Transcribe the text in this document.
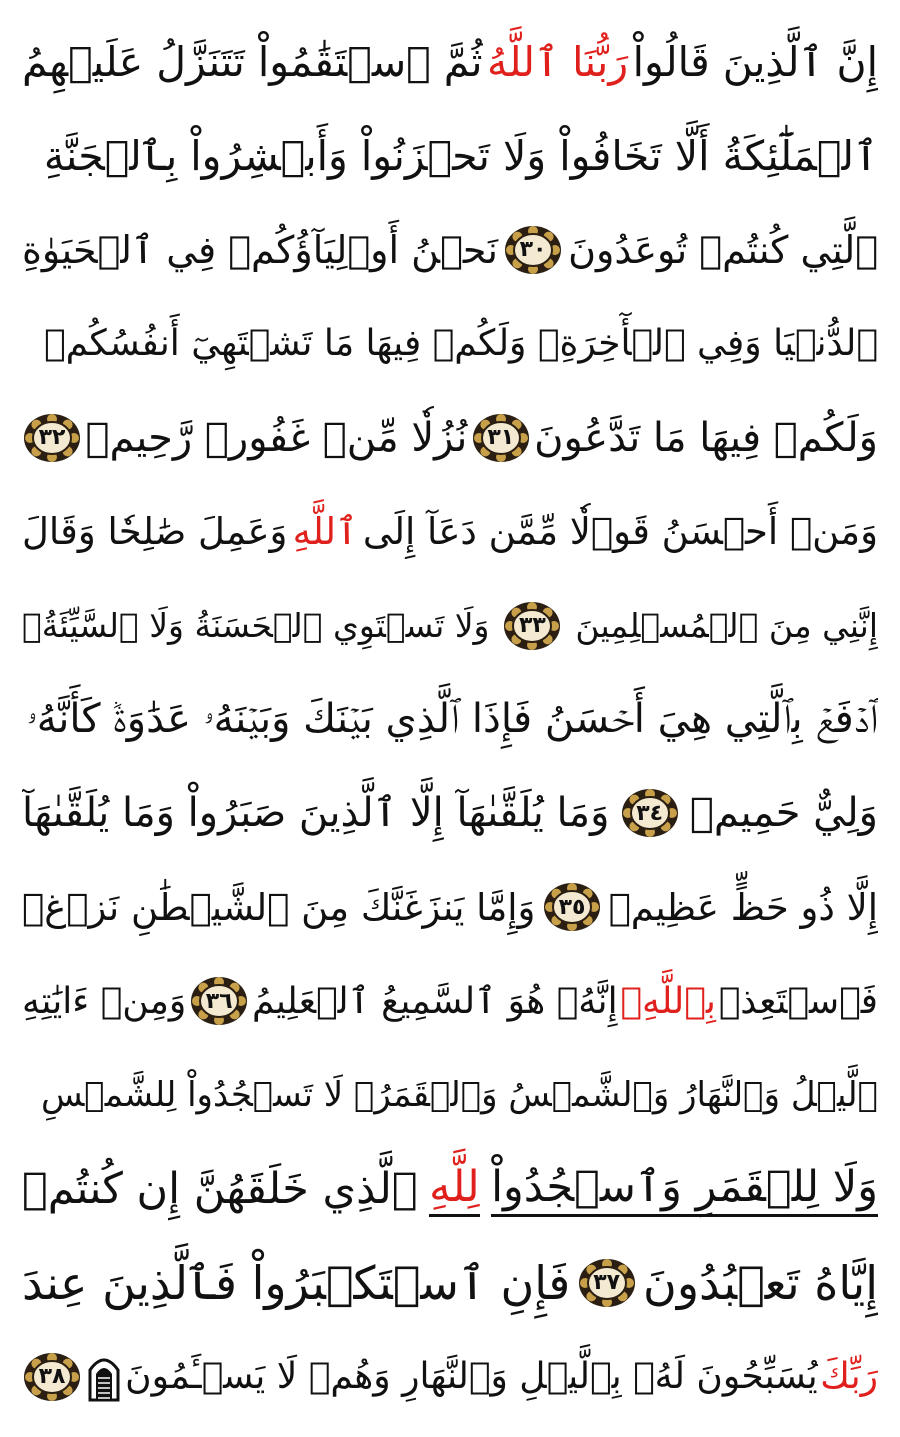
إِنَّ ٱلَّذِينَ قَالُواْ
رَبُّنَا ٱللَّهُ
ثُمَّ ٱسۡتَقَٰمُواْ تَتَنَزَّلُ عَلَيۡهِمُ
ٱلۡمَلَٰٓئِكَةُ أَلَّا تَخَافُواْ وَلَا تَحۡزَنُواْ وَأَبۡشِرُواْ بِٱلۡجَنَّةِ
ٱلَّتِي كُنتُمۡ تُوعَدُونَ
٣٠
نَحۡنُ أَوۡلِيَآؤُكُمۡ فِي ٱلۡحَيَوٰةِ
ٱلدُّنۡيَا وَفِي ٱلۡأٓخِرَةِۖ وَلَكُمۡ فِيهَا مَا تَشۡتَهِيٓ أَنفُسُكُمۡ
وَلَكُمۡ فِيهَا مَا تَدَّعُونَ
٣١
نُزُلٗا مِّنۡ غَفُورٖ رَّحِيمٖ
٣٢
وَمَنۡ أَحۡسَنُ قَوۡلٗا مِّمَّن دَعَآ إِلَى
ٱللَّهِ
وَعَمِلَ صَٰلِحٗا وَقَالَ
إِنَّنِي مِنَ ٱلۡمُسۡلِمِينَ
٣٣
وَلَا تَسۡتَوِي ٱلۡحَسَنَةُ وَلَا ٱلسَّيِّئَةُۚ
ٱدۡفَعۡ بِٱلَّتِي هِيَ أَحۡسَنُ فَإِذَا ٱلَّذِي بَيۡنَكَ وَبَيۡنَهُۥ عَدَٰوَةٞ كَأَنَّهُۥ
وَلِيٌّ حَمِيمٞ
٣٤
وَمَا يُلَقَّىٰهَآ إِلَّا ٱلَّذِينَ صَبَرُواْ وَمَا يُلَقَّىٰهَآ
إِلَّا ذُو حَظٍّ عَظِيمٖ
٣٥
وَإِمَّا يَنزَغَنَّكَ مِنَ ٱلشَّيۡطَٰنِ نَزۡغٞ
فَٱسۡتَعِذۡ
بِٱللَّهِۖ
إِنَّهُۥ هُوَ ٱلسَّمِيعُ ٱلۡعَلِيمُ
٣٦
وَمِنۡ ءَايَٰتِهِ
ٱلَّيۡلُ وَٱلنَّهَارُ وَٱلشَّمۡسُ وَٱلۡقَمَرُۚ لَا تَسۡجُدُواْ لِلشَّمۡسِ
وَلَا لِلۡقَمَرِ وَٱسۡجُدُواْ
لِلَّهِ
ٱلَّذِي خَلَقَهُنَّ إِن كُنتُمۡ
إِيَّاهُ تَعۡبُدُونَ
٣٧
فَإِنِ ٱسۡتَكۡبَرُواْ فَٱلَّذِينَ عِندَ
رَبِّكَ
يُسَبِّحُونَ لَهُۥ بِٱلَّيۡلِ وَٱلنَّهَارِ وَهُمۡ لَا يَسۡـَٔمُونَ
٣٨
